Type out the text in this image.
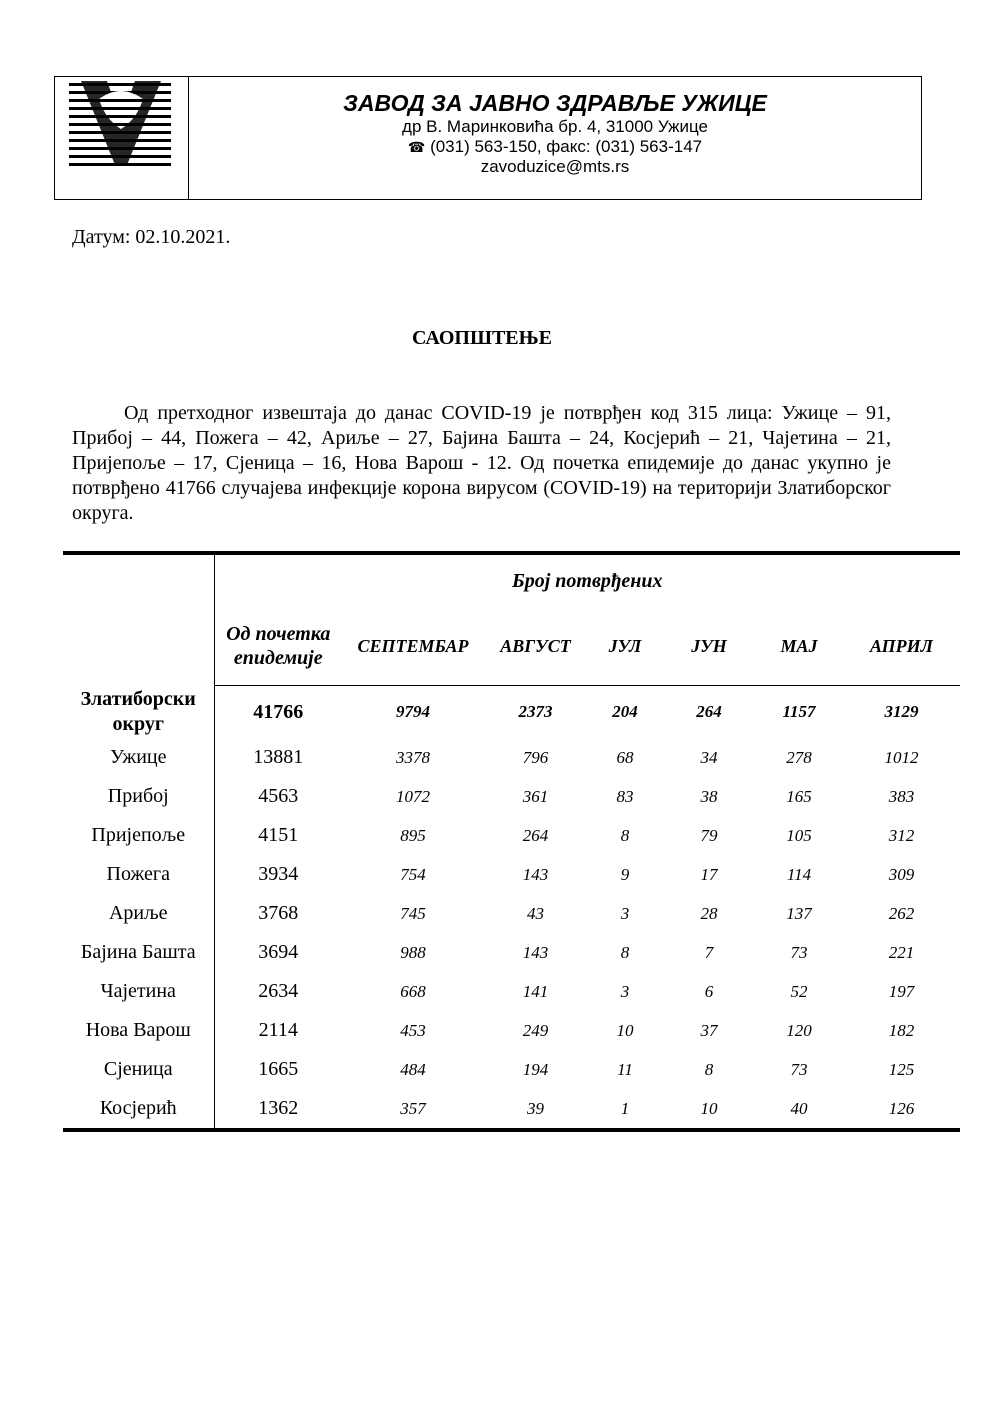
ЗАВОД ЗА ЈАВНО ЗДРАВЉЕ УЖИЦЕ
др В. Маринковића бр. 4, 31000 Ужице
☎ (031) 563-150, факс: (031) 563-147
zavoduzice@mts.rs
Датум: 02.10.2021.
САОПШТЕЊЕ
Од претходног извештаја до данас COVID-19 је потврђен код 315 лица: Ужице – 91, Прибој – 44, Пожега – 42, Ариље – 27, Бајина Башта – 24, Косјерић – 21, Чајетина – 21, Пријепоље – 17, Сјеница – 16, Нова Варош - 12. Од почетка епидемије до данас укупно је потврђено 41766 случајева инфекције корона вирусом (COVID-19) на територији Златиборског округа.
	Број потврђених						
	Од почетка епидемије	СЕПТЕМБАР	АВГУСТ	ЈУЛ	ЈУН	МАЈ	АПРИЛ
Златиборски округ	41766	9794	2373	204	264	1157	3129
Ужице	13881	3378	796	68	34	278	1012
Прибој	4563	1072	361	83	38	165	383
Пријепоље	4151	895	264	8	79	105	312
Пожега	3934	754	143	9	17	114	309
Ариље	3768	745	43	3	28	137	262
Бајина Башта	3694	988	143	8	7	73	221
Чајетина	2634	668	141	3	6	52	197
Нова Варош	2114	453	249	10	37	120	182
Сјеница	1665	484	194	11	8	73	125
Косјерић	1362	357	39	1	10	40	126
